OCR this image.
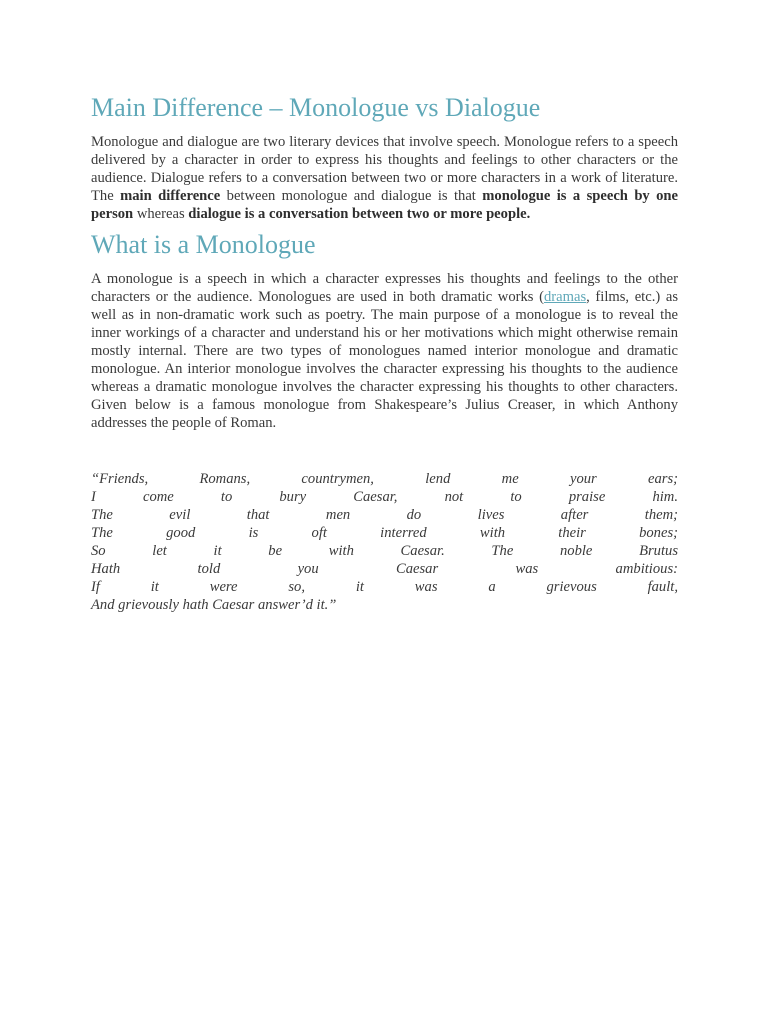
Main Difference – Monologue vs Dialogue

Monologue and dialogue are two literary devices that involve speech. Monologue refers to a speech delivered by a character in order to express his thoughts and feelings to other characters or the audience. Dialogue refers to a conversation between two or more characters in a work of literature. The main difference between monologue and dialogue is that monologue is a speech by one person whereas dialogue is a conversation between two or more people.

What is a Monologue

A monologue is a speech in which a character expresses his thoughts and feelings to the other characters or the audience. Monologues are used in both dramatic works (dramas, films, etc.) as well as in non-dramatic work such as poetry. The main purpose of a monologue is to reveal the inner workings of a character and understand his or her motivations which might otherwise remain mostly internal. There are two types of monologues named interior monologue and dramatic monologue. An interior monologue involves the character expressing his thoughts to the audience whereas a dramatic monologue involves the character expressing his thoughts to other characters. Given below is a famous monologue from Shakespeare’s Julius Creaser, in which Anthony addresses the people of Roman.

“Friends, Romans, countrymen, lend me your ears;
I come to bury Caesar, not to praise him.
The evil that men do lives after them;
The good is oft interred with their bones;
So let it be with Caesar. The noble Brutus
Hath told you Caesar was ambitious:
If it were so, it was a grievous fault,
And grievously hath Caesar answer’d it.”
